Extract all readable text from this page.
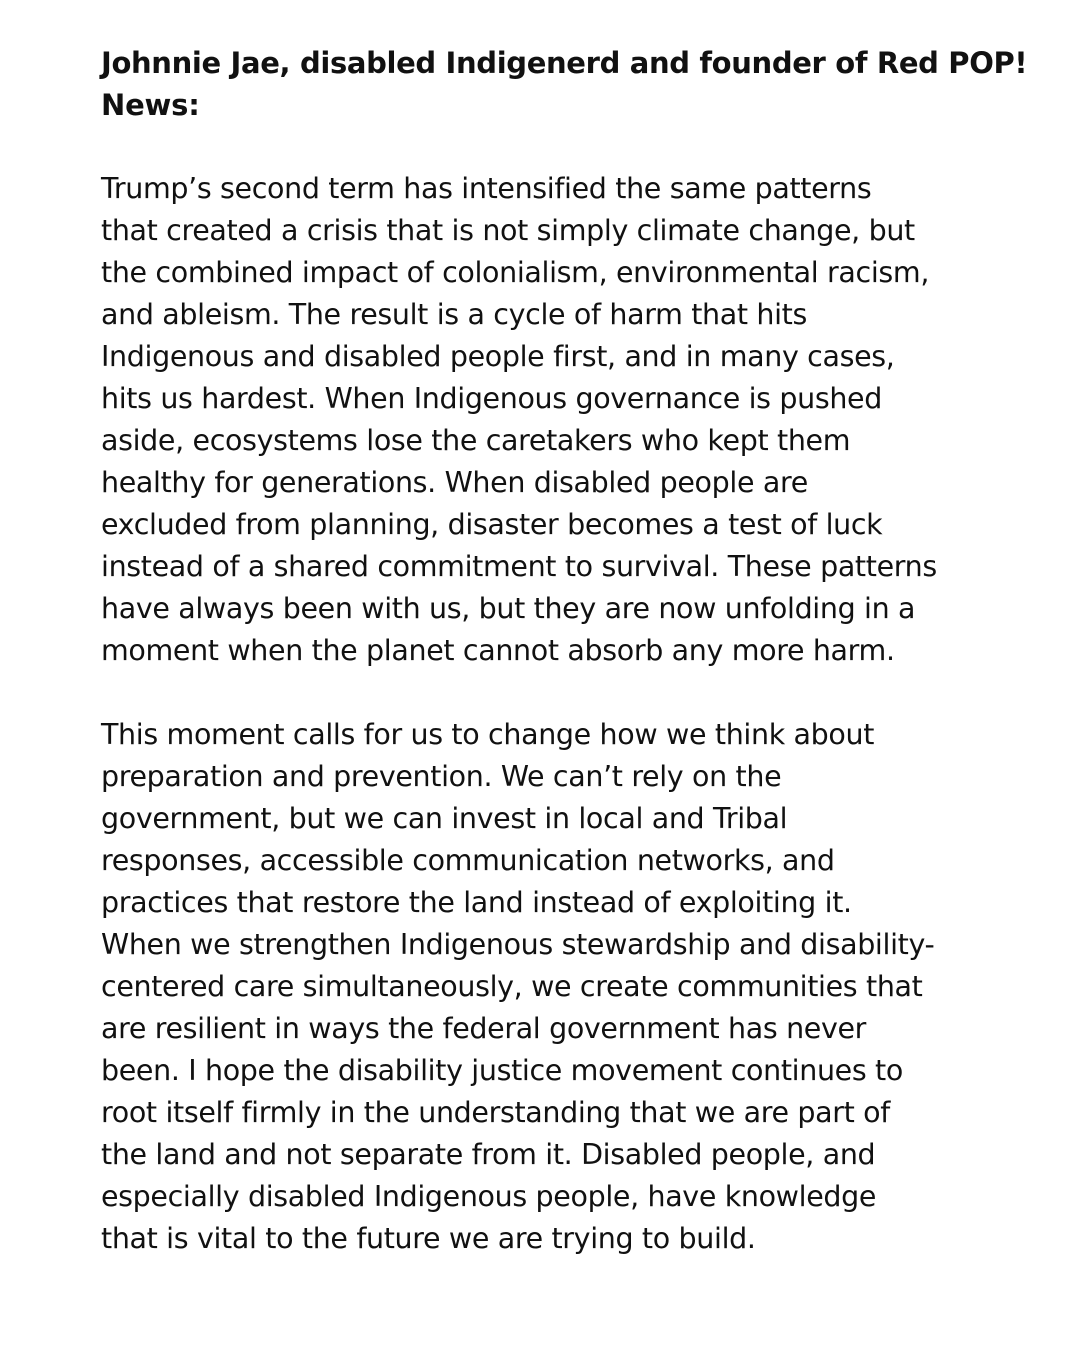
Johnnie Jae, disabled Indigenerd and founder of Red POP!
News:

Trump’s second term has intensified the same patterns
that created a crisis that is not simply climate change, but
the combined impact of colonialism, environmental racism,
and ableism. The result is a cycle of harm that hits
Indigenous and disabled people first, and in many cases,
hits us hardest. When Indigenous governance is pushed
aside, ecosystems lose the caretakers who kept them
healthy for generations. When disabled people are
excluded from planning, disaster becomes a test of luck
instead of a shared commitment to survival. These patterns
have always been with us, but they are now unfolding in a
moment when the planet cannot absorb any more harm.

This moment calls for us to change how we think about
preparation and prevention. We can’t rely on the
government, but we can invest in local and Tribal
responses, accessible communication networks, and
practices that restore the land instead of exploiting it.
When we strengthen Indigenous stewardship and disability-
centered care simultaneously, we create communities that
are resilient in ways the federal government has never
been. I hope the disability justice movement continues to
root itself firmly in the understanding that we are part of
the land and not separate from it. Disabled people, and
especially disabled Indigenous people, have knowledge
that is vital to the future we are trying to build.
